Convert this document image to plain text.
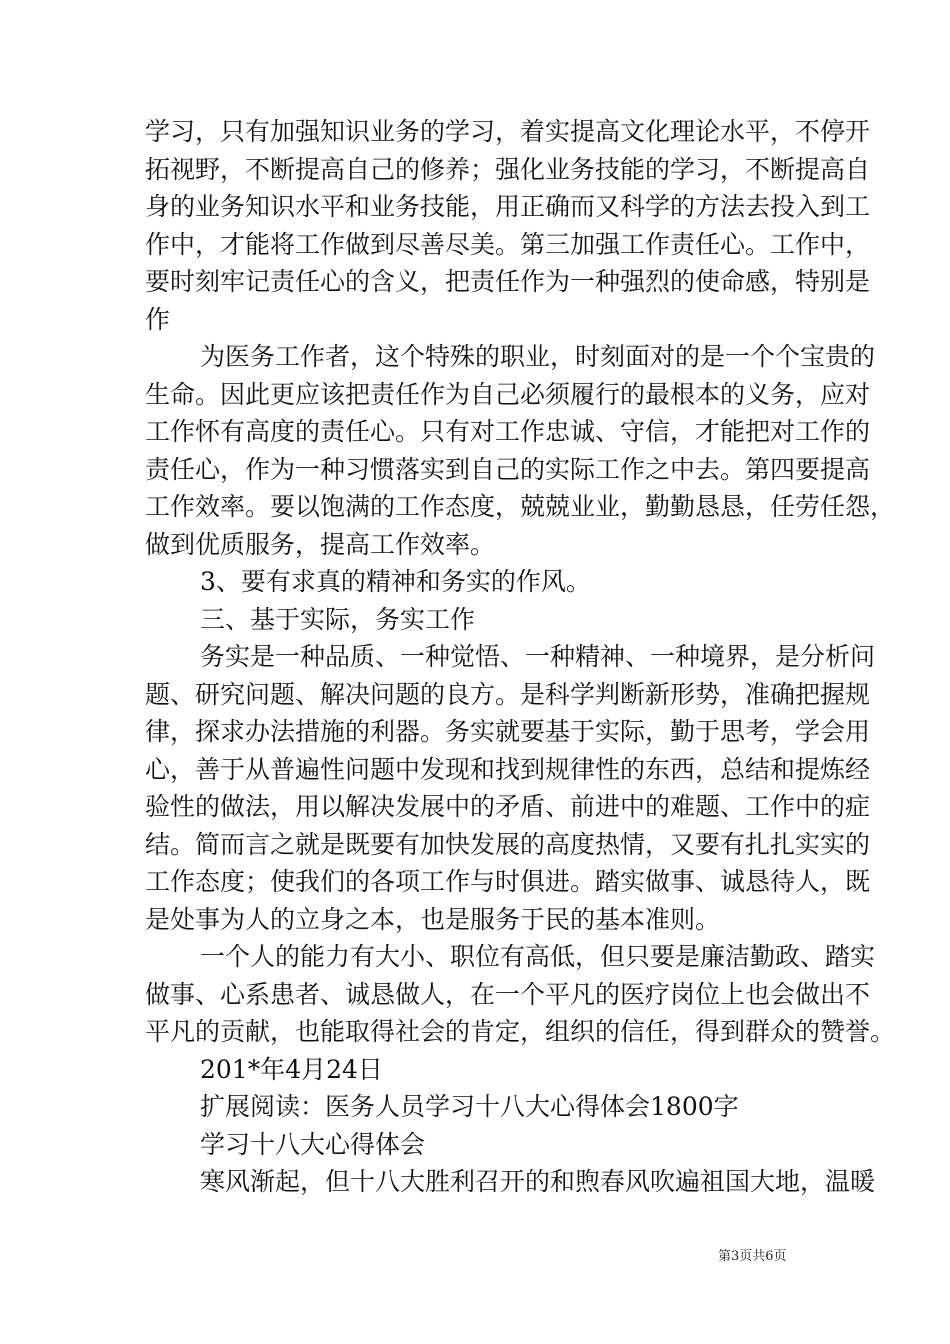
学习，只有加强知识业务的学习，着实提高文化理论水平，不停开
拓视野，不断提高自己的修养；强化业务技能的学习，不断提高自
身的业务知识水平和业务技能，用正确而又科学的方法去投入到工
作中，才能将工作做到尽善尽美。第三加强工作责任心。工作中，
要时刻牢记责任心的含义，把责任作为一种强烈的使命感，特别是
作
为医务工作者，这个特殊的职业，时刻面对的是一个个宝贵的
生命。因此更应该把责任作为自己必须履行的最根本的义务，应对
工作怀有高度的责任心。只有对工作忠诚、守信，才能把对工作的
责任心，作为一种习惯落实到自己的实际工作之中去。第四要提高
工作效率。要以饱满的工作态度，兢兢业业，勤勤恳恳，任劳任怨，
做到优质服务，提高工作效率。
3、要有求真的精神和务实的作风。
三、基于实际，务实工作
务实是一种品质、一种觉悟、一种精神、一种境界，是分析问
题、研究问题、解决问题的良方。是科学判断新形势，准确把握规
律，探求办法措施的利器。务实就要基于实际，勤于思考，学会用
心，善于从普遍性问题中发现和找到规律性的东西，总结和提炼经
验性的做法，用以解决发展中的矛盾、前进中的难题、工作中的症
结。简而言之就是既要有加快发展的高度热情，又要有扎扎实实的
工作态度；使我们的各项工作与时俱进。踏实做事、诚恳待人，既
是处事为人的立身之本，也是服务于民的基本准则。
一个人的能力有大小、职位有高低，但只要是廉洁勤政、踏实
做事、心系患者、诚恳做人，在一个平凡的医疗岗位上也会做出不
平凡的贡献，也能取得社会的肯定，组织的信任，得到群众的赞誉。
201*年4月24日
扩展阅读：医务人员学习十八大心得体会1800字
学习十八大心得体会
寒风渐起，但十八大胜利召开的和煦春风吹遍祖国大地，温暖
第3页共6页
